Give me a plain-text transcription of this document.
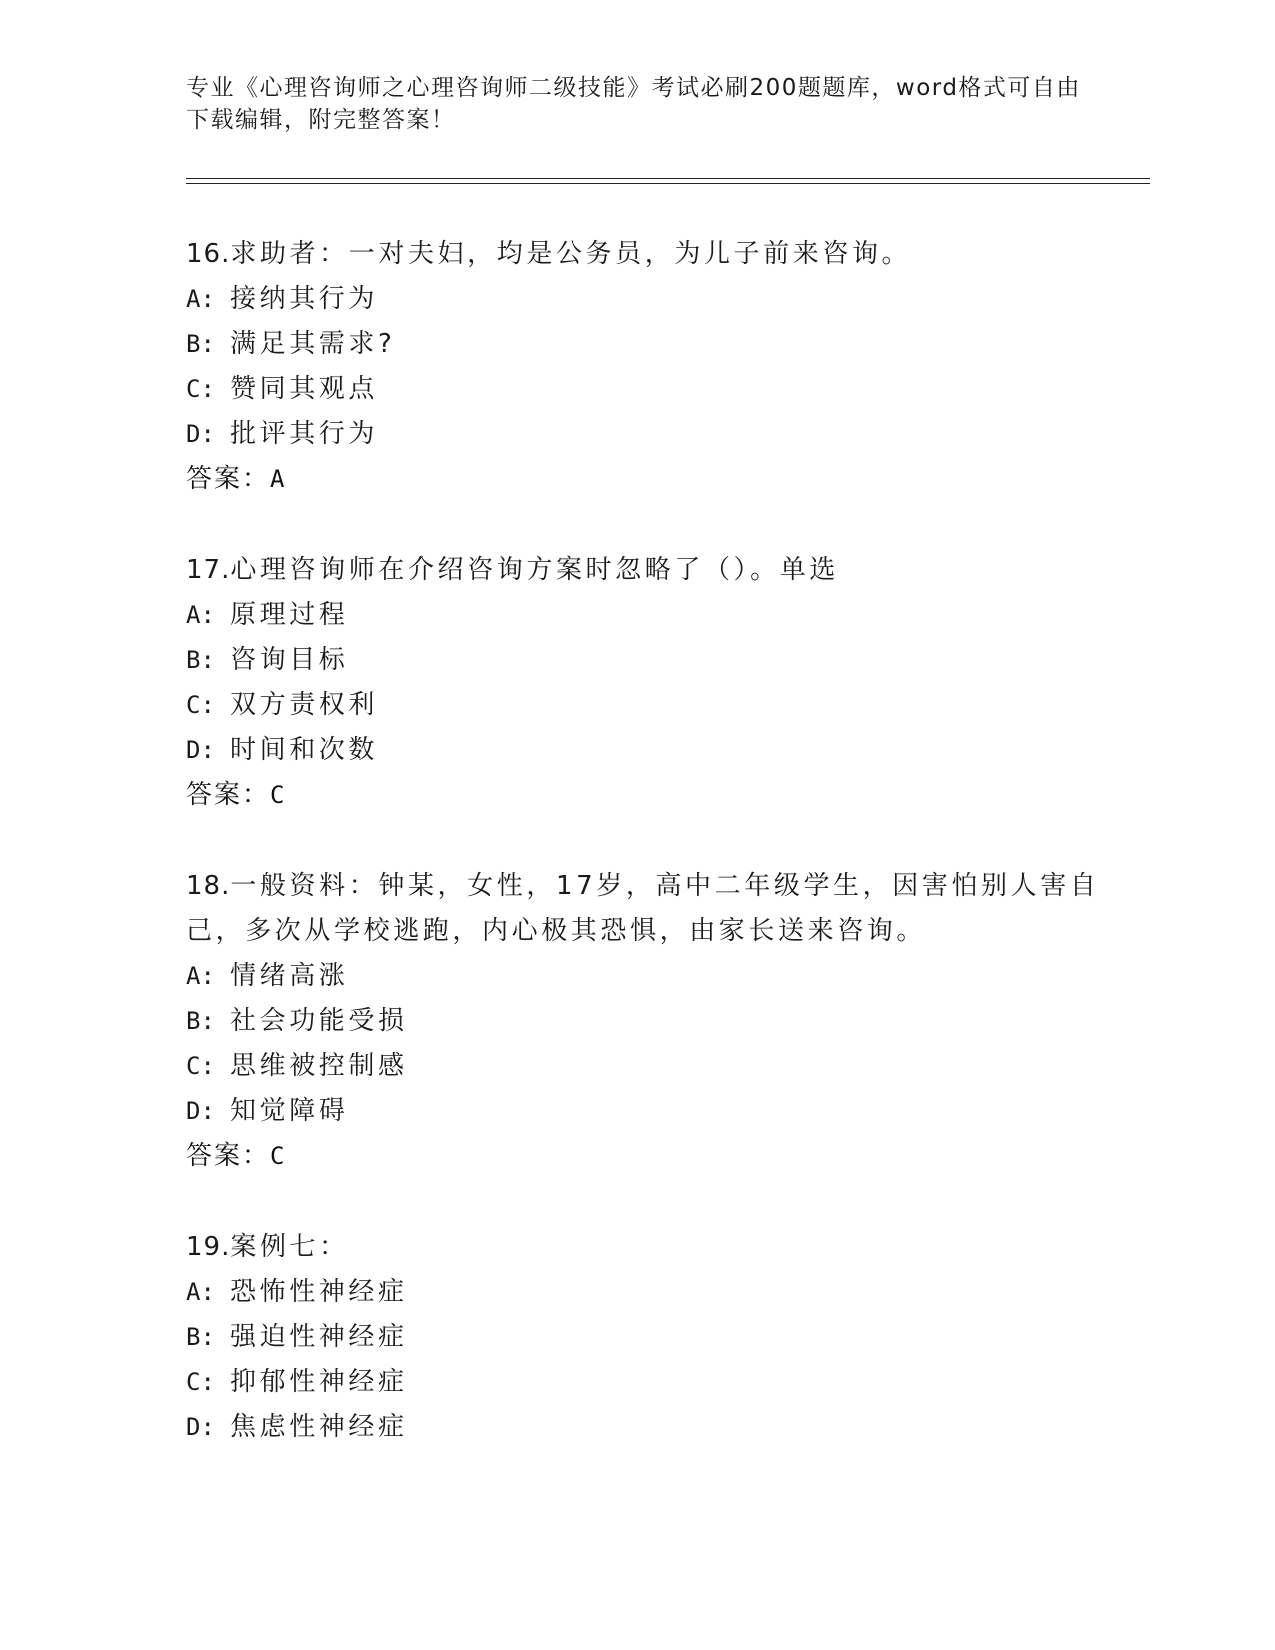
专业《心理咨询师之心理咨询师二级技能》考试必刷200题题库，word格式可自由下载编辑，附完整答案！
16.求助者：一对夫妇，均是公务员，为儿子前来咨询。
A: 接纳其行为
B: 满足其需求?
C: 赞同其观点
D: 批评其行为
答案：A
17.心理咨询师在介绍咨询方案时忽略了（）。单选
A: 原理过程
B: 咨询目标
C: 双方责权利
D: 时间和次数
答案：C
18.一般资料：钟某，女性，17岁，高中二年级学生，因害怕别人害自己，多次从学校逃跑，内心极其恐惧，由家长送来咨询。
A: 情绪高涨
B: 社会功能受损
C: 思维被控制感
D: 知觉障碍
答案：C
19.案例七：
A: 恐怖性神经症
B: 强迫性神经症
C: 抑郁性神经症
D: 焦虑性神经症
